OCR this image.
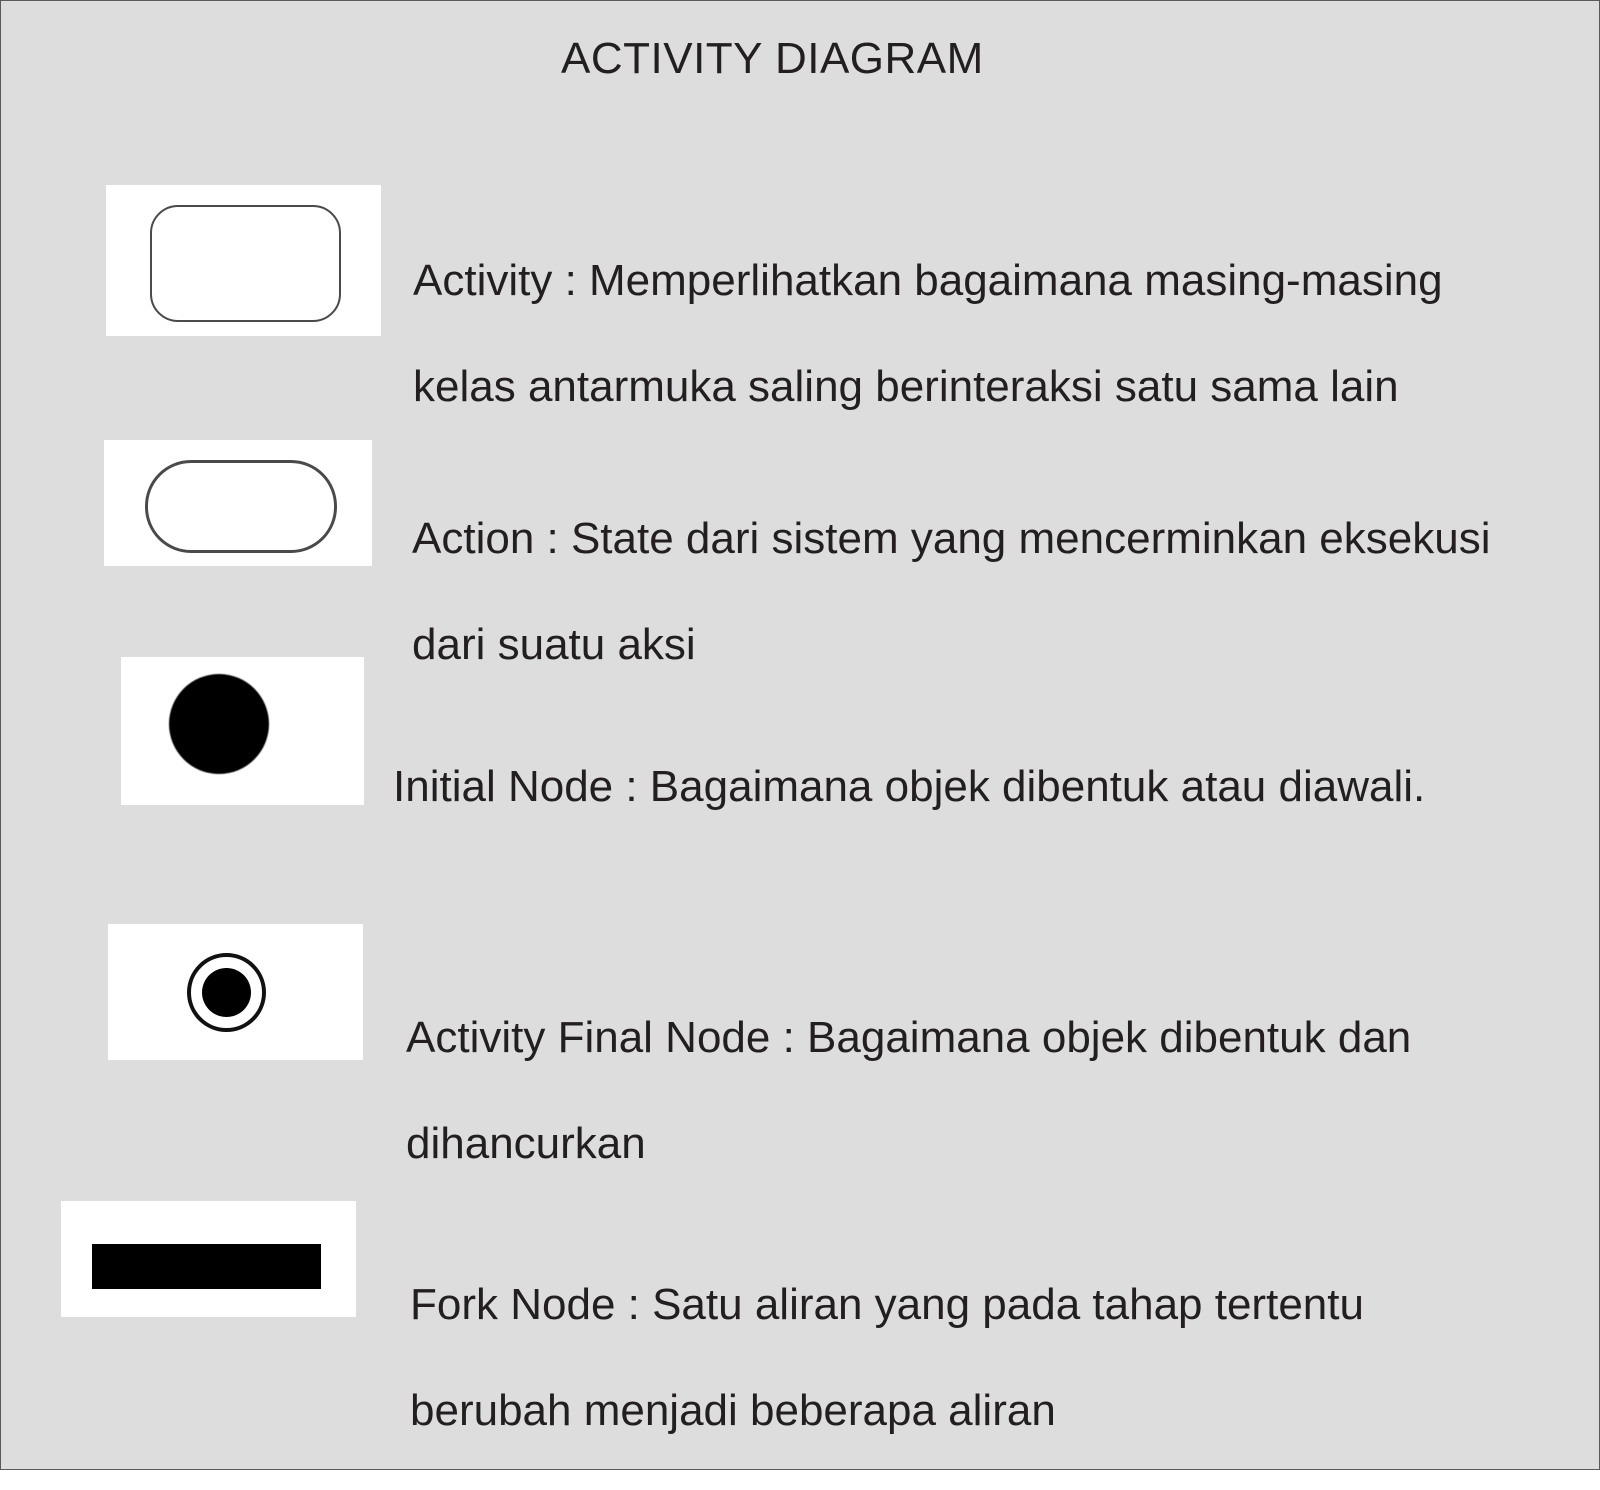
ACTIVITY DIAGRAM

Activity : Memperlihatkan bagaimana masing-masing

kelas antarmuka saling berinteraksi satu sama lain

Action : State dari sistem yang mencerminkan eksekusi

dari suatu aksi

Initial Node : Bagaimana objek dibentuk atau diawali.

Activity Final Node : Bagaimana objek dibentuk dan

dihancurkan

Fork Node : Satu aliran yang pada tahap tertentu

berubah menjadi beberapa aliran
